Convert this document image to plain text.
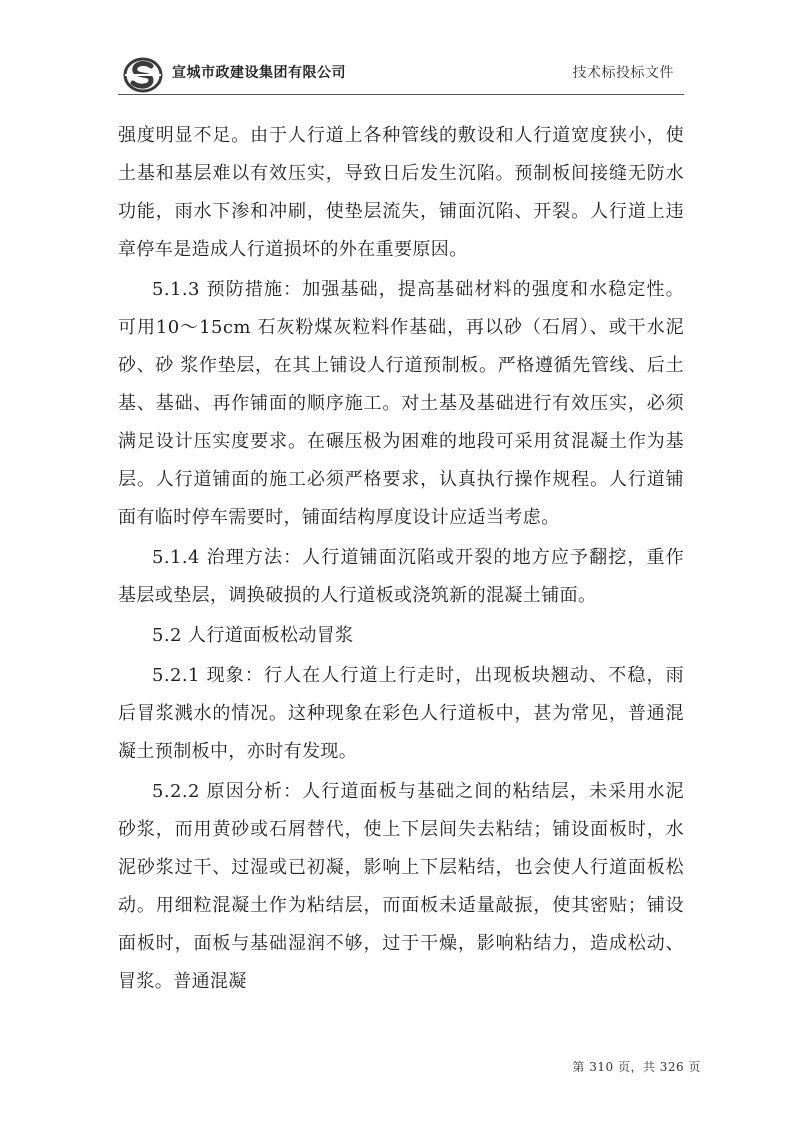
宣城市政建设集团有限公司	技术标投标文件

强度明显不足。由于人行道上各种管线的敷设和人行道宽度狭小，使土基和基层难以有效压实，导致日后发生沉陷。预制板间接缝无防水功能，雨水下渗和冲刷，使垫层流失，铺面沉陷、开裂。人行道上违章停车是造成人行道损坏的外在重要原因。

5.1.3 预防措施：加强基础，提高基础材料的强度和水稳定性。可用10～15cm 石灰粉煤灰粒料作基础，再以砂（石屑）、或干水泥砂、砂 浆作垫层，在其上铺设人行道预制板。严格遵循先管线、后土基、基础、再作铺面的顺序施工。对土基及基础进行有效压实，必须满足设计压实度要求。在碾压极为困难的地段可采用贫混凝土作为基层。人行道铺面的施工必须严格要求，认真执行操作规程。人行道铺面有临时停车需要时，铺面结构厚度设计应适当考虑。

5.1.4 治理方法：人行道铺面沉陷或开裂的地方应予翻挖，重作基层或垫层，调换破损的人行道板或浇筑新的混凝土铺面。

5.2 人行道面板松动冒浆

5.2.1 现象：行人在人行道上行走时，出现板块翘动、不稳，雨后冒浆溅水的情况。这种现象在彩色人行道板中，甚为常见，普通混凝土预制板中，亦时有发现。

5.2.2 原因分析：人行道面板与基础之间的粘结层，未采用水泥砂浆，而用黄砂或石屑替代，使上下层间失去粘结；铺设面板时，水泥砂浆过干、过湿或已初凝，影响上下层粘结，也会使人行道面板松动。用细粒混凝土作为粘结层，而面板未适量敲振，使其密贴；铺设面板时，面板与基础湿润不够，过于干燥，影响粘结力，造成松动、冒浆。普通混凝

第 310 页，共 326 页
